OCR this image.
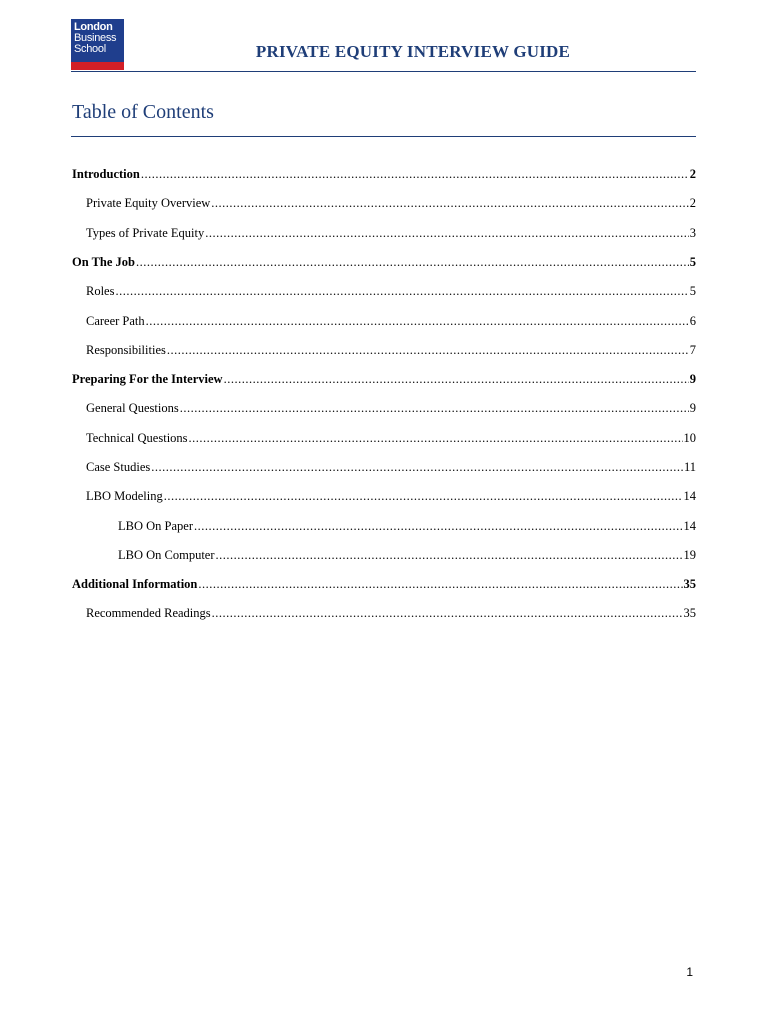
London
Business
School	PRIVATE EQUITY INTERVIEW GUIDE
Table of Contents
Introduction .....	2
Private Equity Overview .....	2
Types of Private Equity .....	3
On The Job .....	5
Roles .....	5
Career Path .....	6
Responsibilities .....	7
Preparing For the Interview .....	9
General Questions .....	9
Technical Questions .....	10
Case Studies .....	11
LBO Modeling .....	14
LBO On Paper .....	14
LBO On Computer .....	19
Additional Information .....	35
Recommended Readings .....	35
1
